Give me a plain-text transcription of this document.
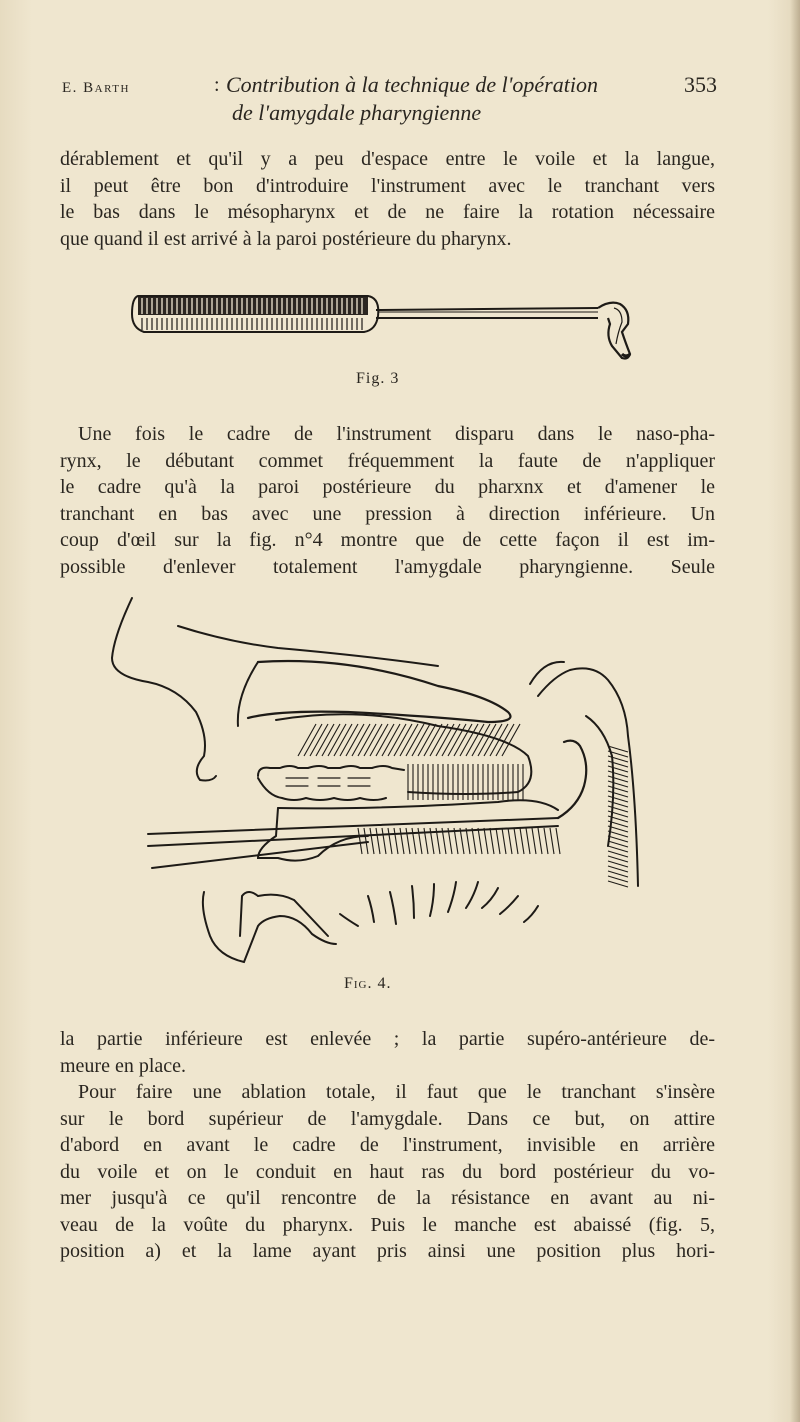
E. Barth	Contribution à la technique de l'opération
:	353
de l'amygdale pharyngienne
dérablement et qu'il y a peu d'espace entre le voile et la langue,
il peut être bon d'introduire l'instrument avec le tranchant vers
le bas dans le mésopharynx et de ne faire la rotation nécessaire
que quand il est arrivé à la paroi postérieure du pharynx.
Fig. 3
Une fois le cadre de l'instrument disparu dans le naso-pha-
rynx, le débutant commet fréquemment la faute de n'appliquer
le cadre qu'à la paroi postérieure du pharxnx et d'amener le
tranchant en bas avec une pression à direction inférieure. Un
coup d'œil sur la fig. n°4 montre que de cette façon il est im-
possible d'enlever totalement l'amygdale pharyngienne. Seule
Fig. 4.
la partie inférieure est enlevée ; la partie supéro-antérieure de-
meure en place.
Pour faire une ablation totale, il faut que le tranchant s'insère
sur le bord supérieur de l'amygdale. Dans ce but, on attire
d'abord en avant le cadre de l'instrument, invisible en arrière
du voile et on le conduit en haut ras du bord postérieur du vo-
mer jusqu'à ce qu'il rencontre de la résistance en avant au ni-
veau de la voûte du pharynx. Puis le manche est abaissé (fig. 5,
position a) et la lame ayant pris ainsi une position plus hori-
